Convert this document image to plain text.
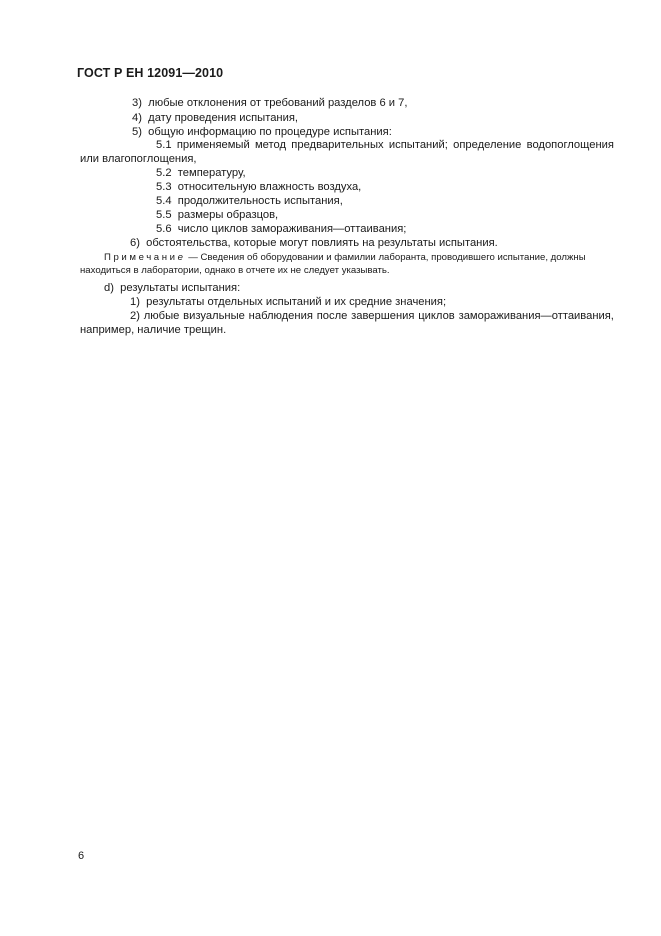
ГОСТ Р ЕН 12091—2010
3) любые отклонения от требований разделов 6 и 7,
4) дату проведения испытания,
5) общую информацию по процедуре испытания:
5.1 применяемый метод предварительных испытаний; определение водопоглощения
или влагопоглощения,
5.2 температуру,
5.3 относительную влажность воздуха,
5.4 продолжительность испытания,
5.5 размеры образцов,
5.6 число циклов замораживания—оттаивания;
6) обстоятельства, которые могут повлиять на результаты испытания.
Примечание — Сведения об оборудовании и фамилии лаборанта, проводившего испытание, должны
находиться в лаборатории, однако в отчете их не следует указывать.
d) результаты испытания:
1) результаты отдельных испытаний и их средние значения;
2) любые визуальные наблюдения после завершения циклов замораживания—оттаивания,
например, наличие трещин.
6
